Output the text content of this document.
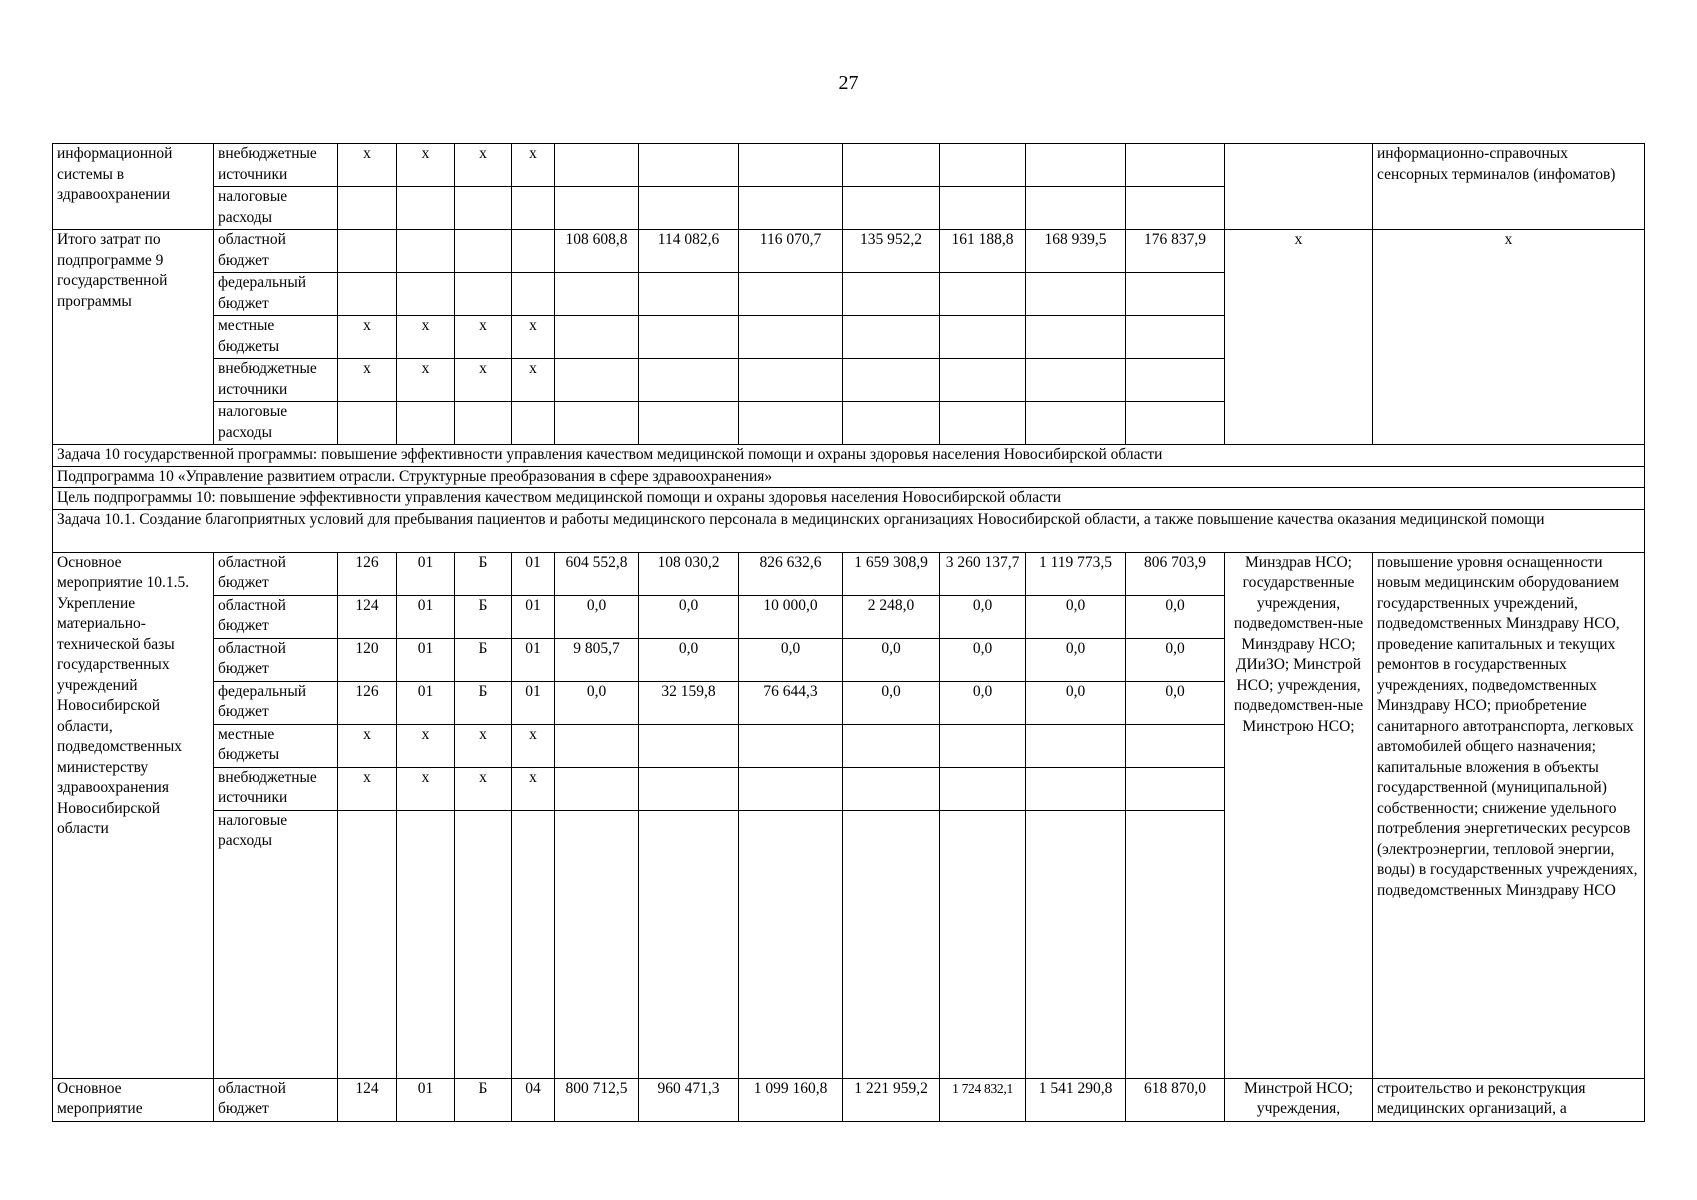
27
информационной системы в здравоохранении	внебюджетные источники	x	x	x	x									информационно-справочных сенсорных терминалов (инфоматов)
	налоговые расходы													
Итого затрат по подпрограмме 9 государственной программы	областной бюджет					108 608,8	114 082,6	116 070,7	135 952,2	161 188,8	168 939,5	176 837,9	x	x
	федеральный бюджет													
	местные бюджеты	x	x	x	x									
	внебюджетные источники	x	x	x	x									
	налоговые расходы													
Задача 10 государственной программы: повышение эффективности управления качеством медицинской помощи и охраны здоровья населения Новосибирской области														
Подпрограмма 10 «Управление развитием отрасли. Структурные преобразования в сфере здравоохранения»														
Цель подпрограммы 10: повышение эффективности управления качеством медицинской помощи и охраны здоровья населения Новосибирской области														
Задача 10.1. Создание благоприятных условий для пребывания пациентов и работы медицинского персонала в медицинских организациях Новосибирской области, а также повышение качества оказания медицинской помощи														
Основное мероприятие 10.1.5. Укрепление материально-технической базы государственных учреждений Новосибирской области, подведомственных министерству здравоохранения Новосибирской области	областной бюджет	126	01	Б	01	604 552,8	108 030,2	826 632,6	1 659 308,9	3 260 137,7	1 119 773,5	806 703,9	Минздрав НСО; государственные учреждения, подведомствен-ные Минздраву НСО; ДИиЗО; Минстрой НСО; учреждения, подведомствен-ные Минстрою НСО;	повышение уровня оснащенности новым медицинским оборудованием государственных учреждений, подведомственных Минздраву НСО, проведение капитальных и текущих ремонтов в государственных учреждениях, подведомственных Минздраву НСО; приобретение санитарного автотранспорта, легковых автомобилей общего назначения; капитальные вложения в объекты государственной (муниципальной) собственности; снижение удельного потребления энергетических ресурсов (электроэнергии, тепловой энергии, воды) в государственных учреждениях, подведомственных Минздраву НСО
	областной бюджет	124	01	Б	01	0,0	0,0	10 000,0	2 248,0	0,0	0,0	0,0		
	областной бюджет	120	01	Б	01	9 805,7	0,0	0,0	0,0	0,0	0,0	0,0		
	федеральный бюджет	126	01	Б	01	0,0	32 159,8	76 644,3	0,0	0,0	0,0	0,0		
	местные бюджеты	x	x	x	x									
	внебюджетные источники	x	x	x	x									
	налоговые расходы													
Основное мероприятие	областной бюджет	124	01	Б	04	800 712,5	960 471,3	1 099 160,8	1 221 959,2	1 724 832,1	1 541 290,8	618 870,0	Минстрой НСО; учреждения,	строительство и реконструкция медицинских организаций, а
